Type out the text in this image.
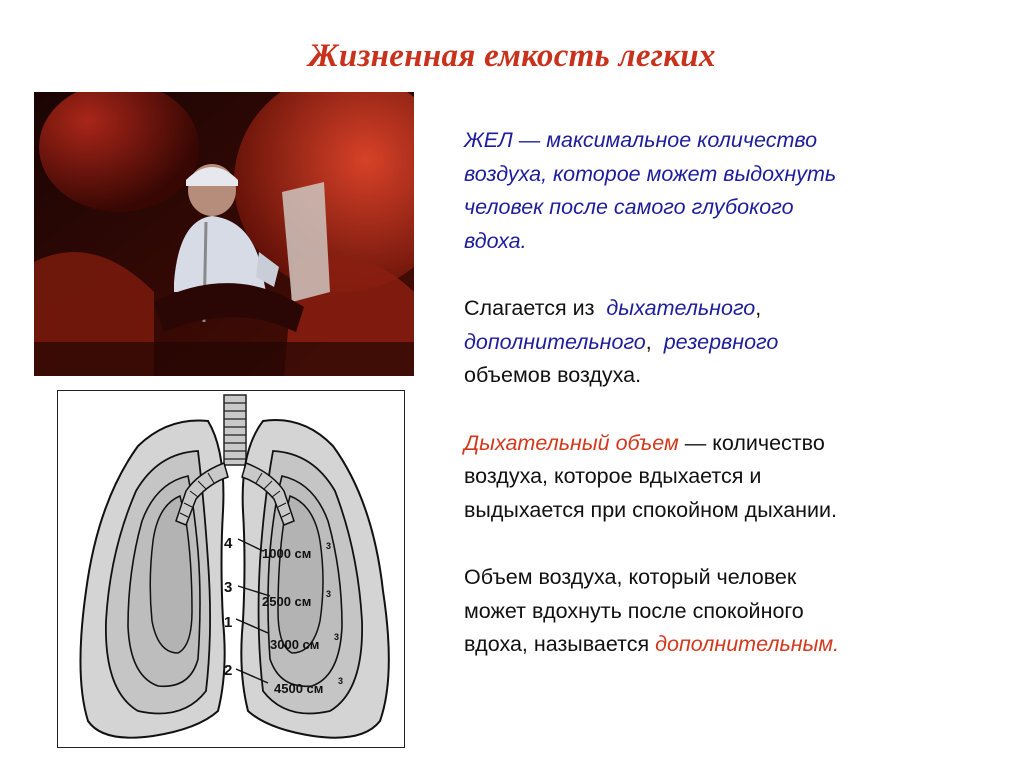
Жизненная емкость легких
4
3
1
2
1000 см 3
2500 см 3
3000 см 3
4500 см 3
ЖЕЛ — максимальное количество
воздуха, которое может выдохнуть
человек после самого глубокого
вдоха.
Слагается из дыхательного,
дополнительного, резервного
объемов воздуха.
Дыхательный объем — количество
воздуха, которое вдыхается и
выдыхается при спокойном дыхании.
Объем воздуха, который человек
может вдохнуть после спокойного
вдоха, называется дополнительным.
